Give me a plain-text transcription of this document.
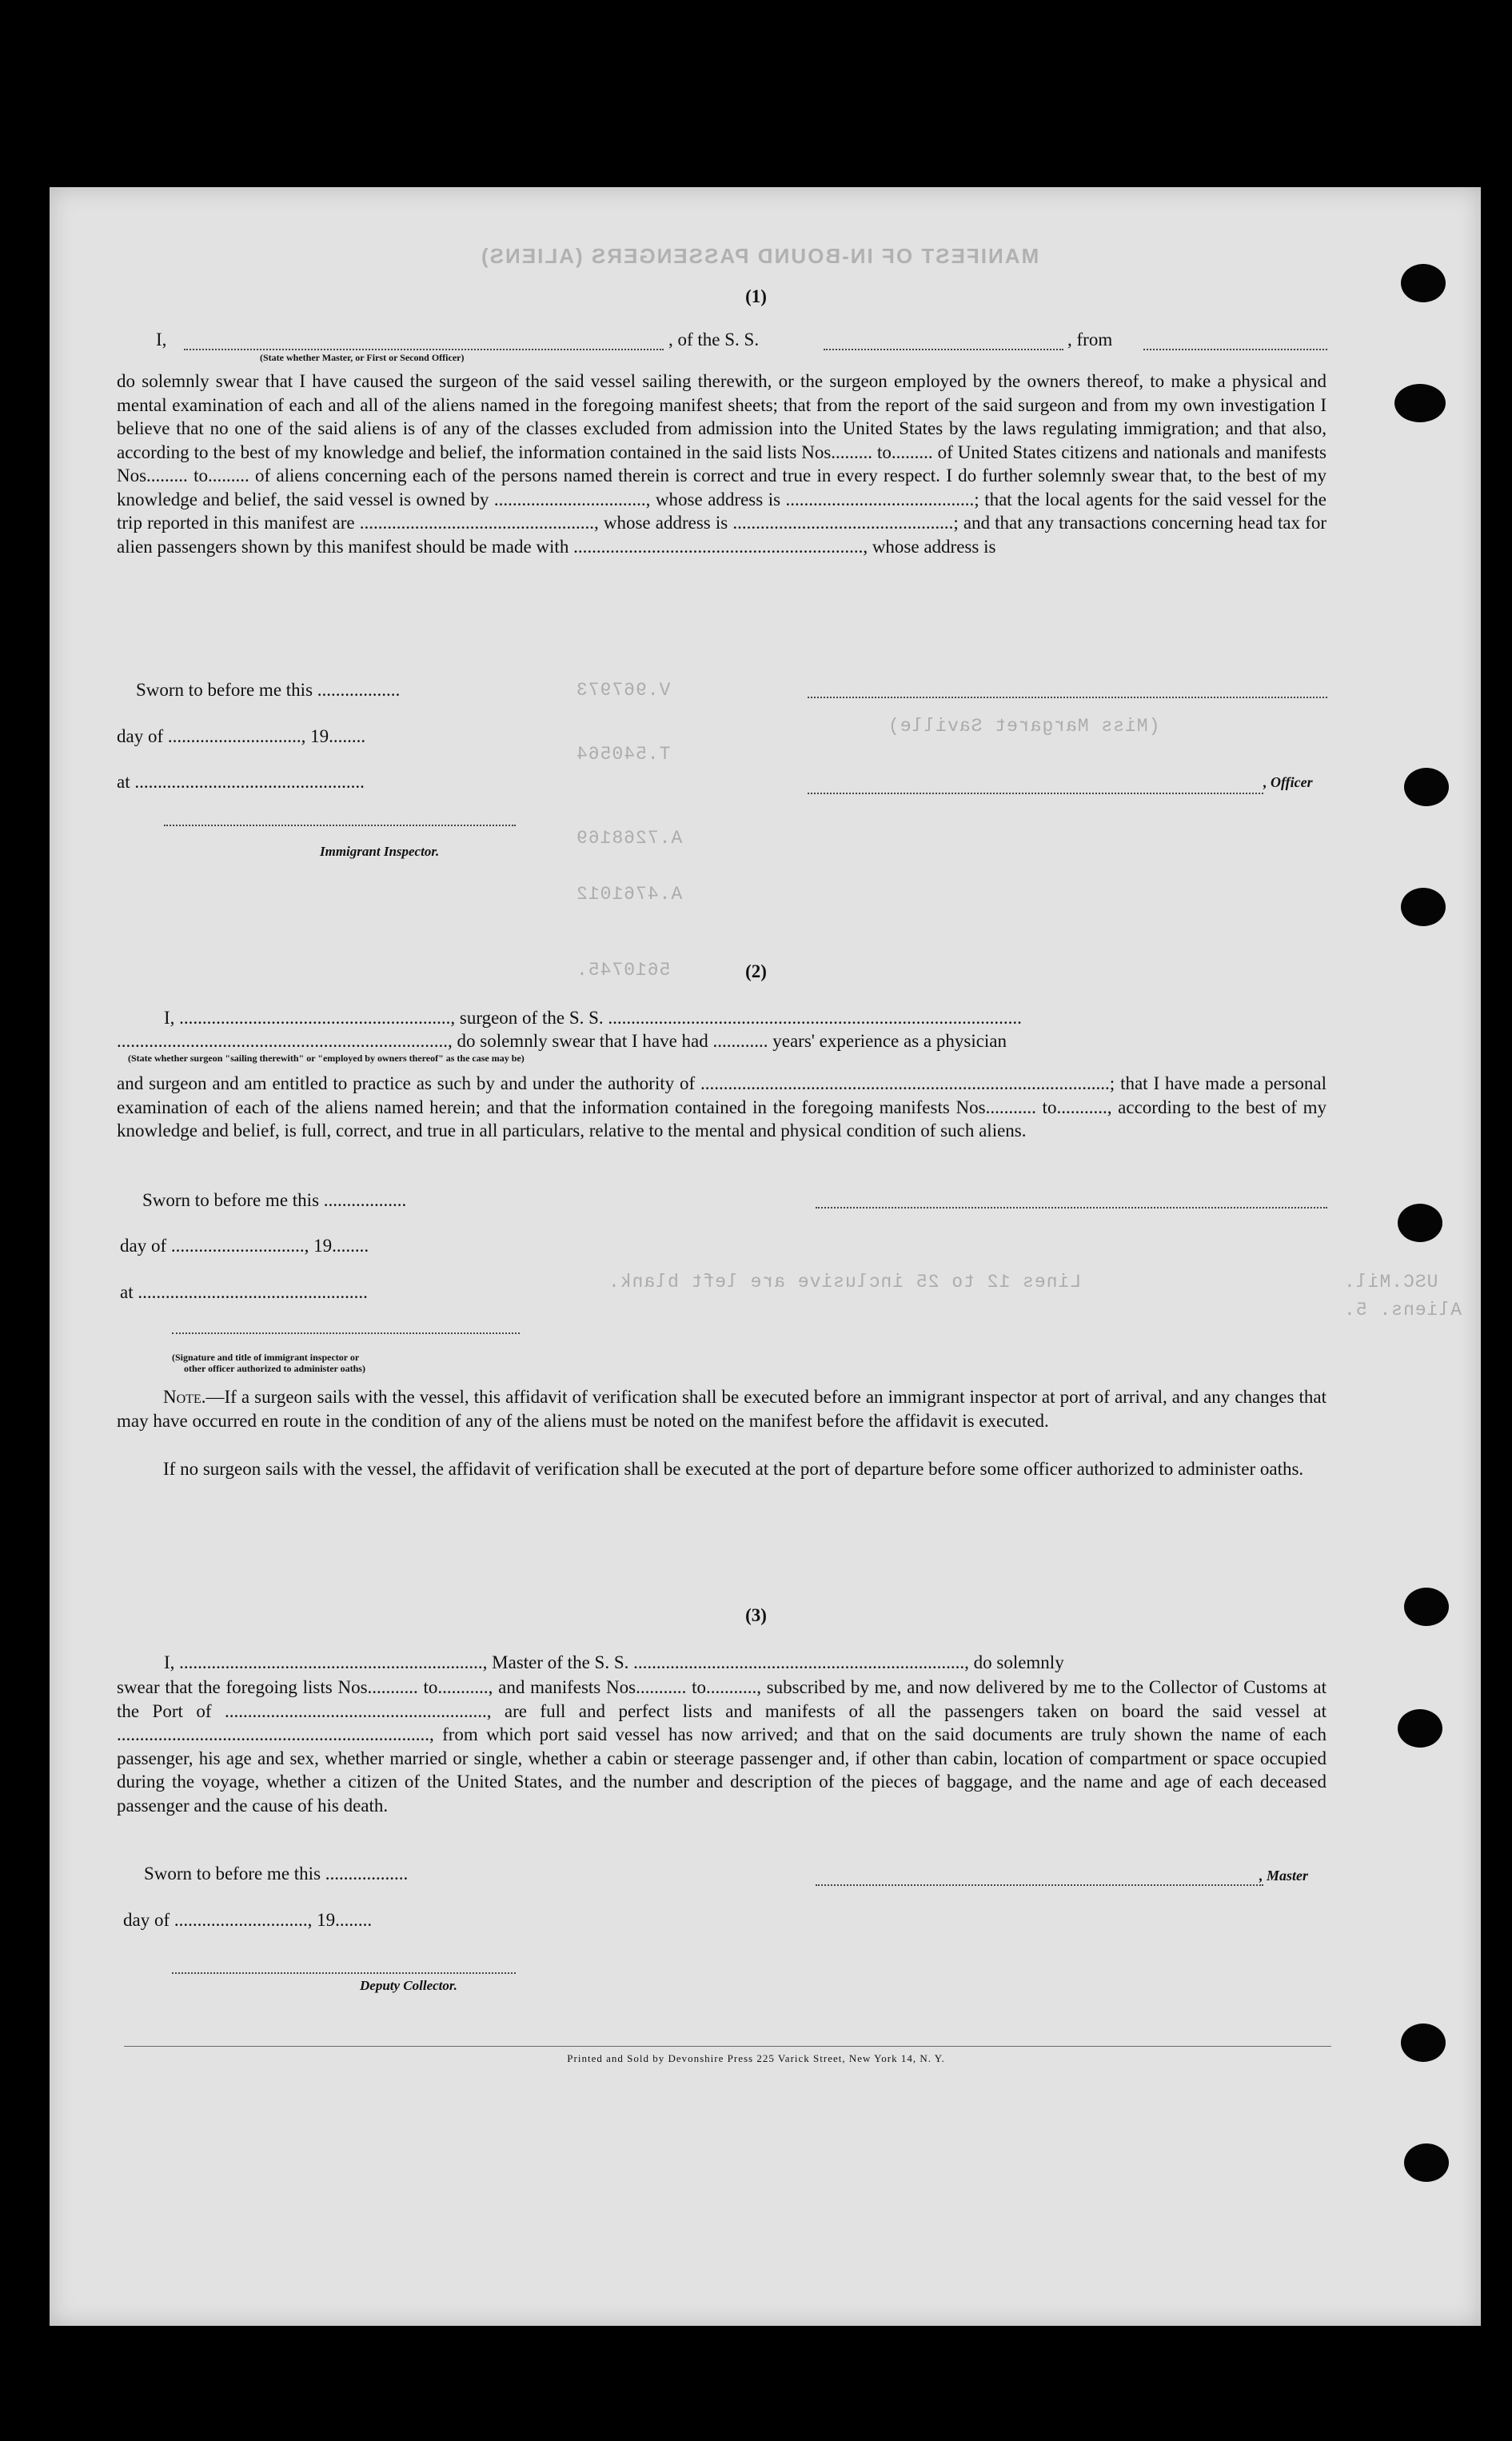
MANIFEST OF IN-BOUND PASSENGERS (ALIENS)
(Miss Margaret Saville)
V.967973
T.540564
A.7268169
A.4761012
5610745.
Lines 12 to 25 inclusive are left blank.	USC.Mil.
Aliens. 5.
(1)
I,	, of the S. S.	, from
(State whether Master, or First or Second Officer)
do solemnly swear that I have caused the surgeon of the said vessel sailing therewith, or the surgeon employed by the owners thereof, to make a physical and mental examination of each and all of the aliens named in the foregoing manifest sheets; that from the report of the said surgeon and from my own investigation I believe that no one of the said aliens is of any of the classes excluded from admission into the United States by the laws regulating immigration; and that also, according to the best of my knowledge and belief, the information contained in the said lists Nos......... to......... of United States citizens and nationals and manifests Nos......... to......... of aliens concerning each of the persons named therein is correct and true in every respect. I do further solemnly swear that, to the best of my knowledge and belief, the said vessel is owned by ................................., whose address is .........................................; that the local agents for the said vessel for the trip reported in this manifest are ..................................................., whose address is ................................................; and that any transactions concerning head tax for alien passengers shown by this manifest should be made with ..............................................................., whose address is
Sworn to before me this ..................
day of ............................., 19........
at ..................................................	, Officer
Immigrant Inspector.
(2)
I, ..........................................................., surgeon of the S. S. ..........................................................................................
........................................................................, do solemnly swear that I have had ............ years' experience as a physician
(State whether surgeon "sailing therewith" or "employed by owners thereof" as the case may be)
and surgeon and am entitled to practice as such by and under the authority of .........................................................................................; that I have made a personal examination of each of the aliens named herein; and that the information contained in the foregoing manifests Nos........... to..........., according to the best of my knowledge and belief, is full, correct, and true in all particulars, relative to the mental and physical condition of such aliens.
Sworn to before me this ..................
day of ............................., 19........
at ..................................................
(Signature and title of immigrant inspector or
other officer authorized to administer oaths)
Note.—If a surgeon sails with the vessel, this affidavit of verification shall be executed before an immigrant inspector at port of arrival, and any changes that may have occurred en route in the condition of any of the aliens must be noted on the manifest before the affidavit is executed.
If no surgeon sails with the vessel, the affidavit of verification shall be executed at the port of departure before some officer authorized to administer oaths.
(3)
I, .................................................................., Master of the S. S. ........................................................................, do solemnly
swear that the foregoing lists Nos........... to..........., and manifests Nos........... to..........., subscribed by me, and now delivered by me to the Collector of Customs at the Port of ........................................................., are full and perfect lists and manifests of all the passengers taken on board the said vessel at ...................................................................., from which port said vessel has now arrived; and that on the said documents are truly shown the name of each passenger, his age and sex, whether married or single, whether a cabin or steerage passenger and, if other than cabin, location of compartment or space occupied during the voyage, whether a citizen of the United States, and the number and description of the pieces of baggage, and the name and age of each deceased passenger and the cause of his death.
Sworn to before me this ..................	, Master
day of ............................., 19........
Deputy Collector.
Printed and Sold by Devonshire Press 225 Varick Street, New York 14, N. Y.
